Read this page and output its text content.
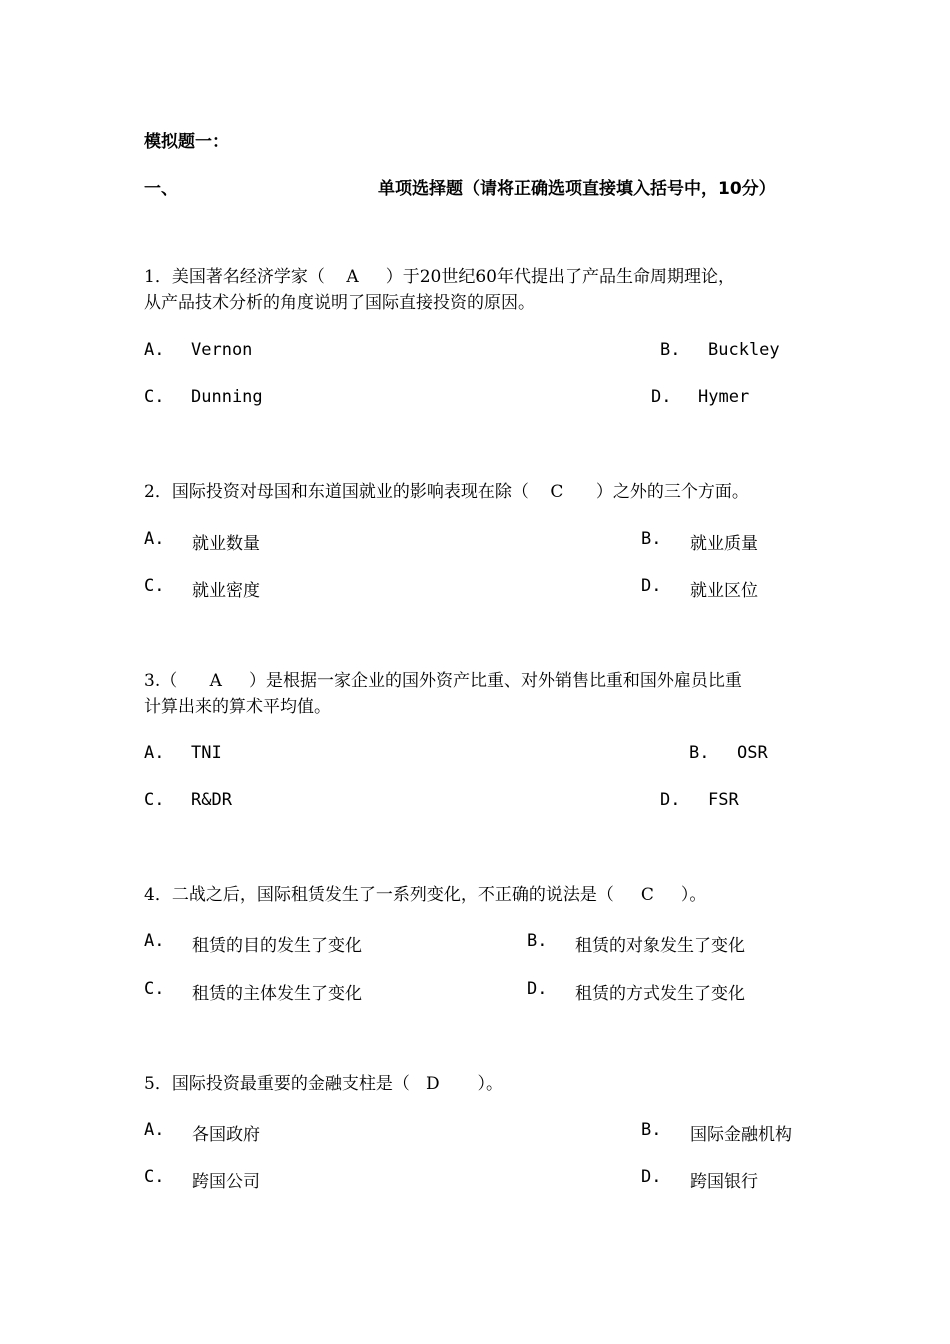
模拟题一：
一、	单项选择题（请将正确选项直接填入括号中，10分）
1．美国著名经济学家（    A     ）于20世纪60年代提出了产品生命周期理论，
从产品技术分析的角度说明了国际直接投资的原因。
A. Vernon	B. Buckley
C. Dunning	D. Hymer
2．国际投资对母国和东道国就业的影响表现在除（    C      ）之外的三个方面。
A. 就业数量	B. 就业质量
C. 就业密度	D. 就业区位
3.（      A     ）是根据一家企业的国外资产比重、对外销售比重和国外雇员比重
计算出来的算术平均值。
A. TNI	B. OSR
C. R&DR	D. FSR
4．二战之后，国际租赁发生了一系列变化，不正确的说法是（     C     ）。
A. 租赁的目的发生了变化	B. 租赁的对象发生了变化
C. 租赁的主体发生了变化	D. 租赁的方式发生了变化
5．国际投资最重要的金融支柱是（   D       ）。
A. 各国政府	B. 国际金融机构
C. 跨国公司	D. 跨国银行
